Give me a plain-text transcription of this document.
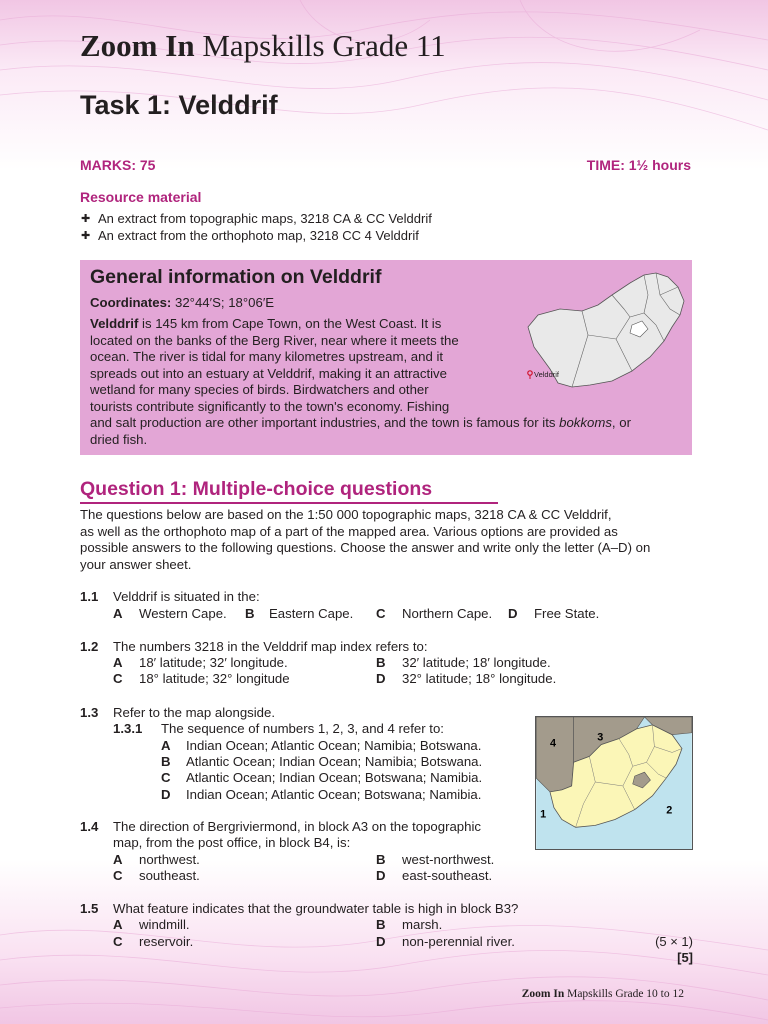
Zoom In Mapskills Grade 11
Task 1: Velddrif
MARKS: 75	TIME: 1½ hours
Resource material
✚ An extract from topographic maps, 3218 CA & CC Velddrif
✚ An extract from the orthophoto map, 3218 CC 4 Velddrif
General information on Velddrif
Coordinates: 32°44′S; 18°06′E
Velddrif is 145 km from Cape Town, on the West Coast. It is
located on the banks of the Berg River, near where it meets the
ocean. The river is tidal for many kilometres upstream, and it
spreads out into an estuary at Velddrif, making it an attractive
wetland for many species of birds. Birdwatchers and other
tourists contribute significantly to the town's economy. Fishing
and salt production are other important industries, and the town is famous for its bokkoms, or
dried fish.
Velddrif
Question 1: Multiple-choice questions
The questions below are based on the 1:50 000 topographic maps, 3218 CA & CC Velddrif,
as well as the orthophoto map of a part of the mapped area. Various options are provided as
possible answers to the following questions. Choose the answer and write only the letter (A–D) on
your answer sheet.
1.1 Velddrif is situated in the:
A Western Cape. B Eastern Cape. C Northern Cape. D Free State.
1.2 The numbers 3218 in the Velddrif map index refers to:
A 18′ latitude; 32′ longitude.	B 32′ latitude; 18′ longitude.
C 18° latitude; 32° longitude	D 32° latitude; 18° longitude.
1.3 Refer to the map alongside.
1.3.1 The sequence of numbers 1, 2, 3, and 4 refer to:
A Indian Ocean; Atlantic Ocean; Namibia; Botswana.
B Atlantic Ocean; Indian Ocean; Namibia; Botswana.
C Atlantic Ocean; Indian Ocean; Botswana; Namibia.
D Indian Ocean; Atlantic Ocean; Botswana; Namibia.
1	2
3
4
1.4 The direction of Bergriviermond, in block A3 on the topographic
map, from the post office, in block B4, is:
A northwest.	B west-northwest.
C southeast.	D east-southeast.
1.5 What feature indicates that the groundwater table is high in block B3?
A windmill.	B marsh.
C reservoir.	D non-perennial river.	(5 × 1)
[5]
Zoom In Mapskills Grade 10 to 12
